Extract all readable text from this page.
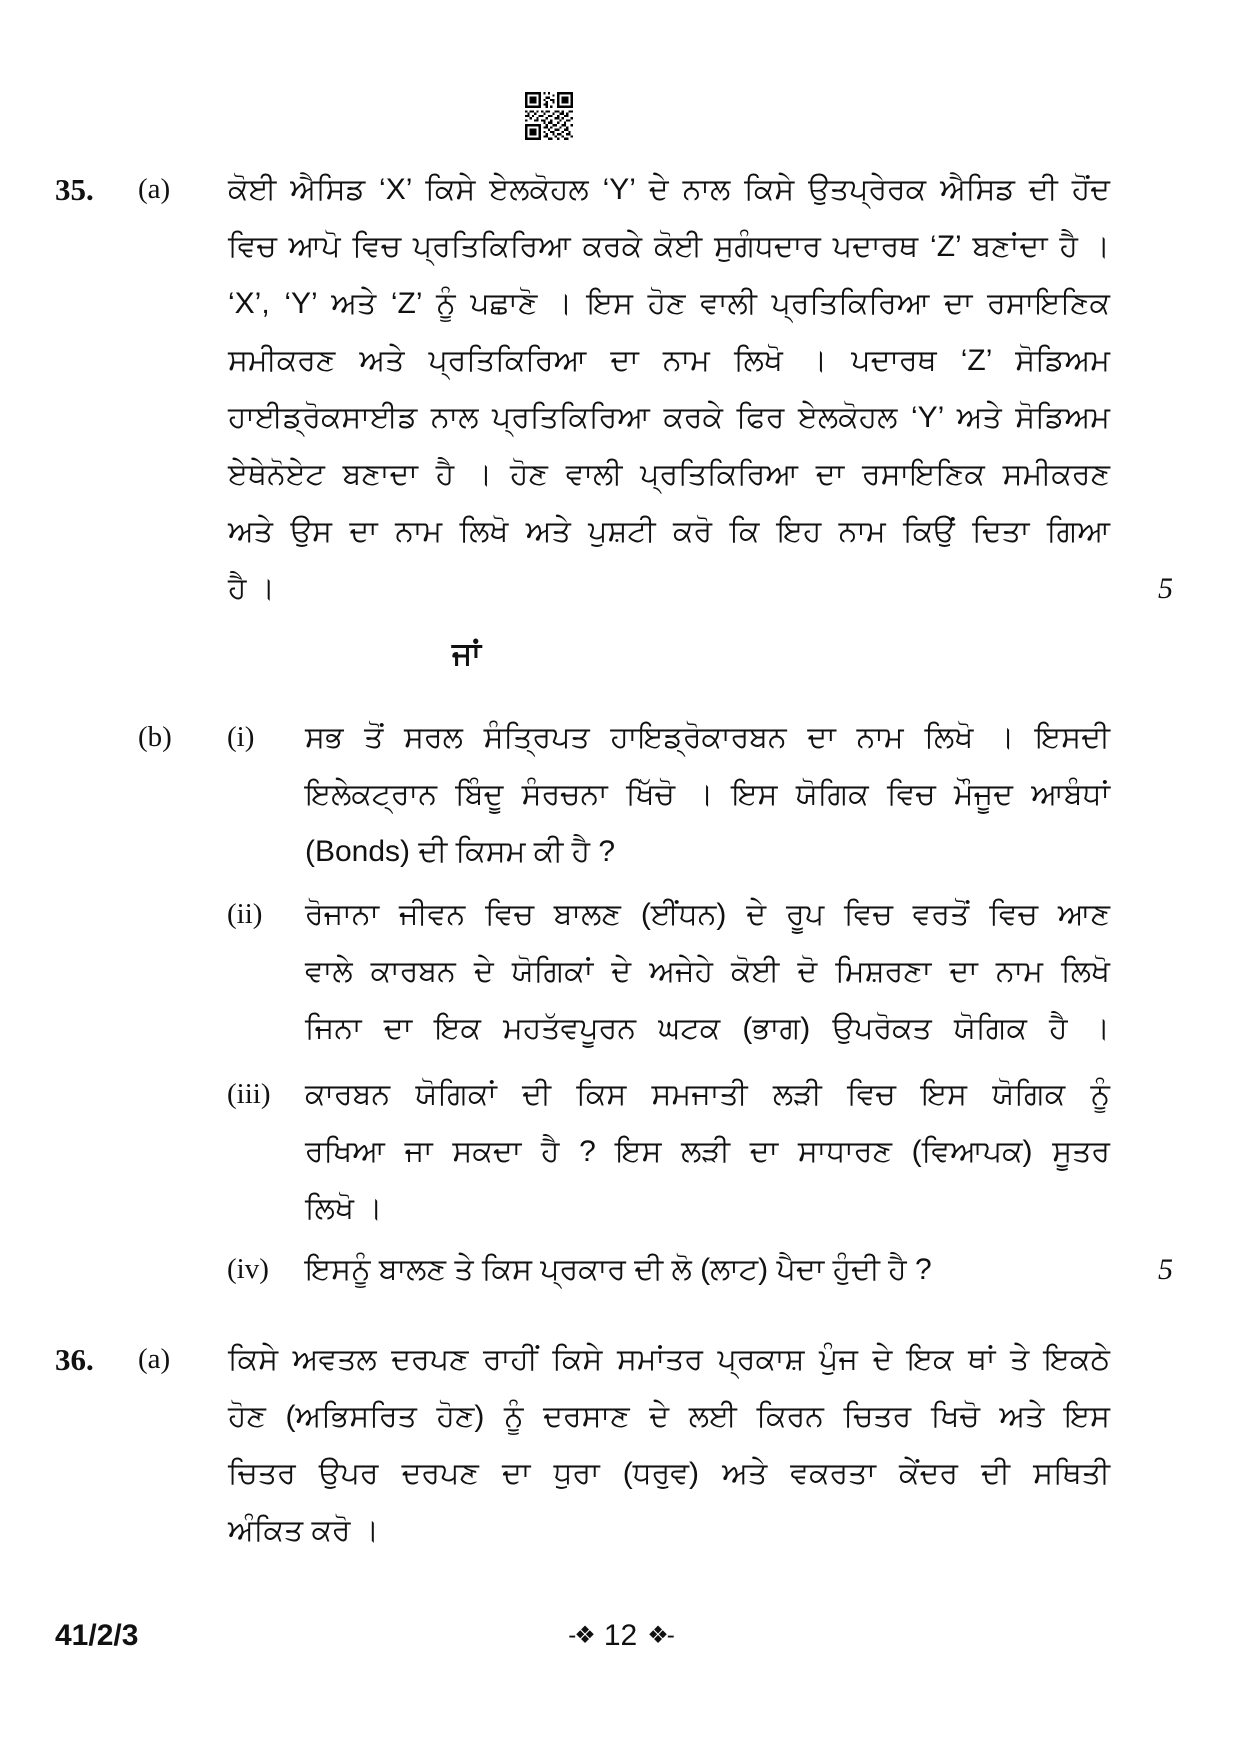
35. (a) ਕੋਈ ਐਸਿਡ ‘X’ ਕਿਸੇ ਏਲਕੋਹਲ ‘Y’ ਦੇ ਨਾਲ ਕਿਸੇ ਉਤਪ੍ਰੇਰਕ ਐਸਿਡ ਦੀ ਹੋਂਦ
ਵਿਚ ਆਪੋ ਵਿਚ ਪ੍ਰਤਿਕਿਰਿਆ ਕਰਕੇ ਕੋਈ ਸੁਗੰਧਦਾਰ ਪਦਾਰਥ ‘Z’ ਬਣਾਂਦਾ ਹੈ ।
‘X’, ‘Y’ ਅਤੇ ‘Z’ ਨੂੰ ਪਛਾਣੋ । ਇਸ ਹੋਣ ਵਾਲੀ ਪ੍ਰਤਿਕਿਰਿਆ ਦਾ ਰਸਾਇਣਿਕ
ਸਮੀਕਰਣ ਅਤੇ ਪ੍ਰਤਿਕਿਰਿਆ ਦਾ ਨਾਮ ਲਿਖੋ । ਪਦਾਰਥ ‘Z’ ਸੋਡਿਅਮ
ਹਾਈਡ੍ਰੋਕਸਾਈਡ ਨਾਲ ਪ੍ਰਤਿਕਿਰਿਆ ਕਰਕੇ ਫਿਰ ਏਲਕੋਹਲ ‘Y’ ਅਤੇ ਸੋਡਿਅਮ
ਏਥੇਨੋਏਟ ਬਣਾਦਾ ਹੈ । ਹੋਣ ਵਾਲੀ ਪ੍ਰਤਿਕਿਰਿਆ ਦਾ ਰਸਾਇਣਿਕ ਸਮੀਕਰਣ
ਅਤੇ ਉਸ ਦਾ ਨਾਮ ਲਿਖੋ ਅਤੇ ਪੁਸ਼ਟੀ ਕਰੋ ਕਿ ਇਹ ਨਾਮ ਕਿਉਂ ਦਿਤਾ ਗਿਆ
ਹੈ ।	5
ਜਾਂ
(b) (i) ਸਭ ਤੋਂ ਸਰਲ ਸੰਤ੍ਰਿਪਤ ਹਾਇਡ੍ਰੋਕਾਰਬਨ ਦਾ ਨਾਮ ਲਿਖੋ । ਇਸਦੀ
ਇਲੇਕਟ੍ਰਾਨ ਬਿੰਦੂ ਸੰਰਚਨਾ ਖਿੱਚੋ । ਇਸ ਯੋਗਿਕ ਵਿਚ ਮੌਜੂਦ ਆਬੰਧਾਂ
(Bonds) ਦੀ ਕਿਸਮ ਕੀ ਹੈ ?
(ii) ਰੋਜਾਨਾ ਜੀਵਨ ਵਿਚ ਬਾਲਣ (ਈਂਧਨ) ਦੇ ਰੂਪ ਵਿਚ ਵਰਤੋਂ ਵਿਚ ਆਣ
ਵਾਲੇ ਕਾਰਬਨ ਦੇ ਯੋਗਿਕਾਂ ਦੇ ਅਜੇਹੇ ਕੋਈ ਦੋ ਮਿਸ਼ਰਣਾ ਦਾ ਨਾਮ ਲਿਖੋ
ਜਿਨਾ ਦਾ ਇਕ ਮਹਤੱਵਪੂਰਨ ਘਟਕ (ਭਾਗ) ਉਪਰੋਕਤ ਯੋਗਿਕ ਹੈ ।
(iii) ਕਾਰਬਨ ਯੋਗਿਕਾਂ ਦੀ ਕਿਸ ਸਮਜਾਤੀ ਲੜੀ ਵਿਚ ਇਸ ਯੋਗਿਕ ਨੂੰ
ਰਖਿਆ ਜਾ ਸਕਦਾ ਹੈ ? ਇਸ ਲੜੀ ਦਾ ਸਾਧਾਰਣ (ਵਿਆਪਕ) ਸੂਤਰ
ਲਿਖੋ ।
(iv) ਇਸਨੂੰ ਬਾਲਣ ਤੇ ਕਿਸ ਪ੍ਰਕਾਰ ਦੀ ਲੋ (ਲਾਟ) ਪੈਦਾ ਹੁੰਦੀ ਹੈ ?	5
36. (a) ਕਿਸੇ ਅਵਤਲ ਦਰਪਣ ਰਾਹੀਂ ਕਿਸੇ ਸਮਾਂਤਰ ਪ੍ਰਕਾਸ਼ ਪੁੰਜ ਦੇ ਇਕ ਥਾਂ ਤੇ ਇਕਠੇ
ਹੋਣ (ਅਭਿਸਰਿਤ ਹੋਣ) ਨੂੰ ਦਰਸਾਣ ਦੇ ਲਈ ਕਿਰਨ ਚਿਤਰ ਖਿਚੋ ਅਤੇ ਇਸ
ਚਿਤਰ ਉਪਰ ਦਰਪਣ ਦਾ ਧੁਰਾ (ਧਰੁਵ) ਅਤੇ ਵਕਰਤਾ ਕੇਂਦਰ ਦੀ ਸਥਿਤੀ
ਅੰਕਿਤ ਕਰੋ ।
41/2/3	-❖ 12 ❖-
